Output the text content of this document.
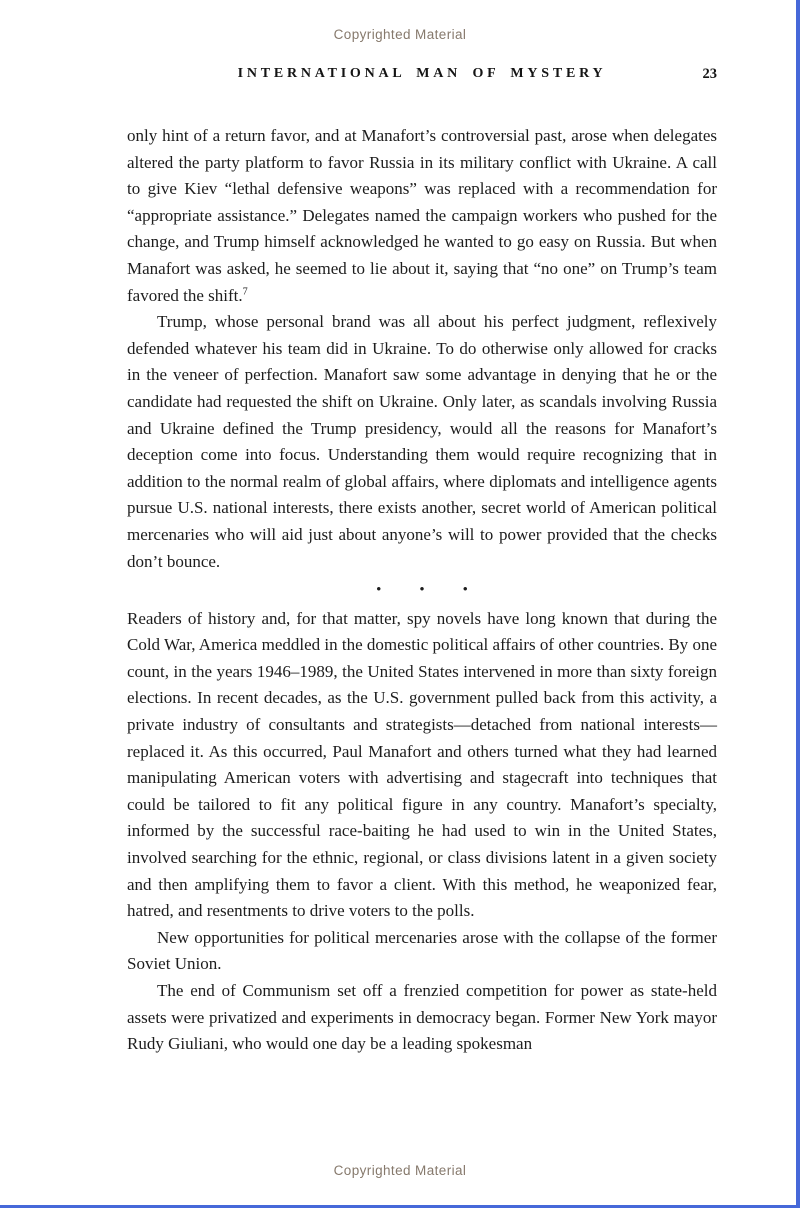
Copyrighted Material
INTERNATIONAL MAN OF MYSTERY	23

only hint of a return favor, and at Manafort’s controversial past, arose when delegates altered the party platform to favor Russia in its military conflict with Ukraine. A call to give Kiev “lethal defensive weapons” was replaced with a recommendation for “appropriate assistance.” Delegates named the campaign workers who pushed for the change, and Trump himself acknowledged he wanted to go easy on Russia. But when Manafort was asked, he seemed to lie about it, saying that “no one” on Trump’s team favored the shift.$^7$

Trump, whose personal brand was all about his perfect judgment, reflexively defended whatever his team did in Ukraine. To do otherwise only allowed for cracks in the veneer of perfection. Manafort saw some advantage in denying that he or the candidate had requested the shift on Ukraine. Only later, as scandals involving Russia and Ukraine defined the Trump presidency, would all the reasons for Manafort’s deception come into focus. Understanding them would require recognizing that in addition to the normal realm of global affairs, where diplomats and intelligence agents pursue U.S. national interests, there exists another, secret world of American political mercenaries who will aid just about anyone’s will to power provided that the checks don’t bounce.

•	•	•

Readers of history and, for that matter, spy novels have long known that during the Cold War, America meddled in the domestic political affairs of other countries. By one count, in the years 1946–1989, the United States intervened in more than sixty foreign elections. In recent decades, as the U.S. government pulled back from this activity, a private industry of consultants and strategists—detached from national interests—replaced it. As this occurred, Paul Manafort and others turned what they had learned manipulating American voters with advertising and stagecraft into techniques that could be tailored to fit any political figure in any country. Manafort’s specialty, informed by the successful race-baiting he had used to win in the United States, involved searching for the ethnic, regional, or class divisions latent in a given society and then amplifying them to favor a client. With this method, he weaponized fear, hatred, and resentments to drive voters to the polls.

New opportunities for political mercenaries arose with the collapse of the former Soviet Union.

The end of Communism set off a frenzied competition for power as state-held assets were privatized and experiments in democracy began. Former New York mayor Rudy Giuliani, who would one day be a leading spokesman

Copyrighted Material
